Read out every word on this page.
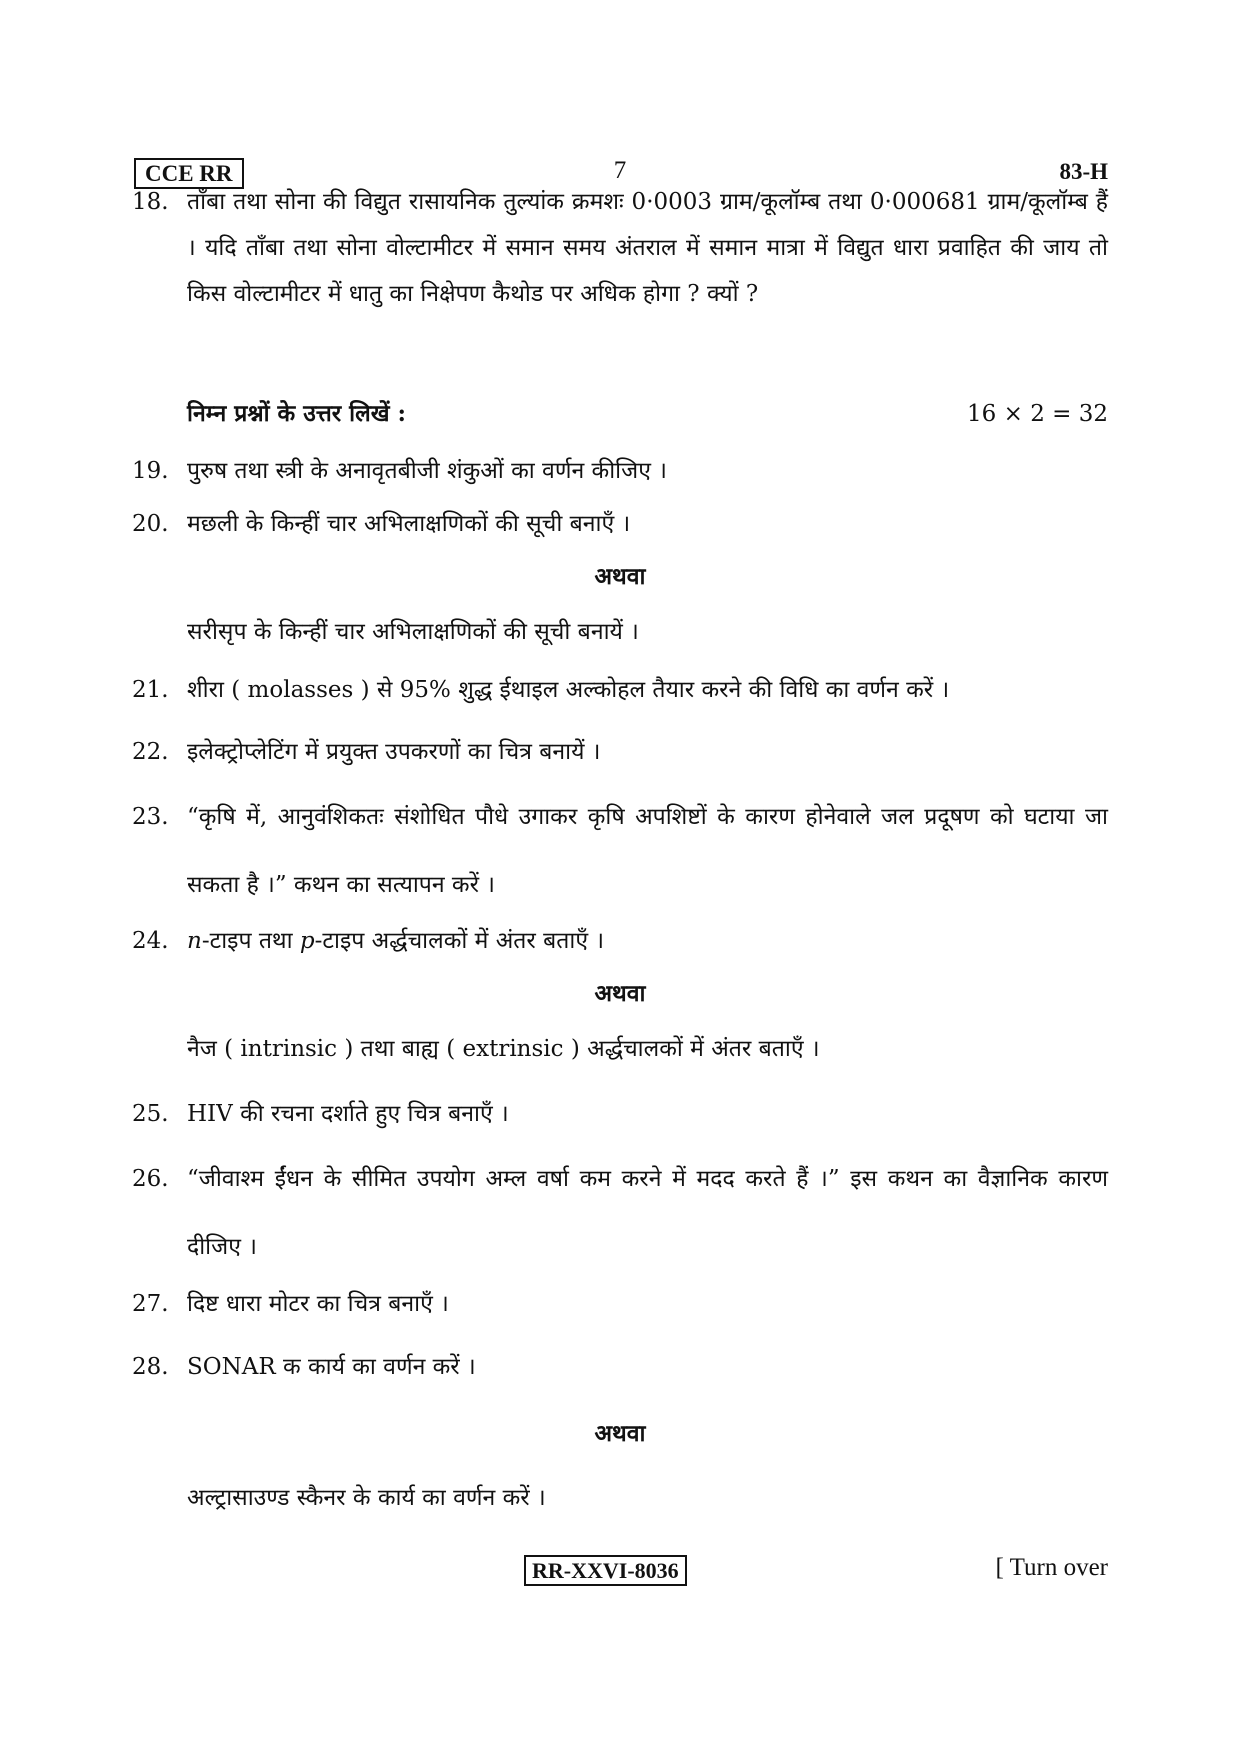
CCE RR	7	83-H
18. ताँबा तथा सोना की विद्युत रासायनिक तुल्यांक क्रमशः 0·0003 ग्राम/कूलॉम्ब तथा 0·000681 ग्राम/कूलॉम्ब हैं । यदि ताँबा तथा सोना वोल्टामीटर में समान समय अंतराल में समान मात्रा में विद्युत धारा प्रवाहित की जाय तो किस वोल्टामीटर में धातु का निक्षेपण कैथोड पर अधिक होगा ? क्यों ?
निम्न प्रश्नों के उत्तर लिखें :	16 × 2 = 32
19. पुरुष तथा स्त्री के अनावृतबीजी शंकुओं का वर्णन कीजिए ।
20. मछली के किन्हीं चार अभिलाक्षणिकों की सूची बनाएँ ।
अथवा
सरीसृप के किन्हीं चार अभिलाक्षणिकों की सूची बनायें ।
21. शीरा ( molasses ) से 95% शुद्ध ईथाइल अल्कोहल तैयार करने की विधि का वर्णन करें ।
22. इलेक्ट्रोप्लेटिंग में प्रयुक्त उपकरणों का चित्र बनायें ।
23. “कृषि में, आनुवंशिकतः संशोधित पौधे उगाकर कृषि अपशिष्टों के कारण होनेवाले जल प्रदूषण को घटाया जा सकता है ।” कथन का सत्यापन करें ।
24. n-टाइप तथा p-टाइप अर्द्धचालकों में अंतर बताएँ ।
अथवा
नैज ( intrinsic ) तथा बाह्य ( extrinsic ) अर्द्धचालकों में अंतर बताएँ ।
25. HIV की रचना दर्शाते हुए चित्र बनाएँ ।
26. “जीवाश्म ईंधन के सीमित उपयोग अम्ल वर्षा कम करने में मदद करते हैं ।” इस कथन का वैज्ञानिक कारण दीजिए ।
27. दिष्ट धारा मोटर का चित्र बनाएँ ।
28. SONAR क कार्य का वर्णन करें ।
अथवा
अल्ट्रासाउण्ड स्कैनर के कार्य का वर्णन करें ।
RR-XXVI-8036	[ Turn over
